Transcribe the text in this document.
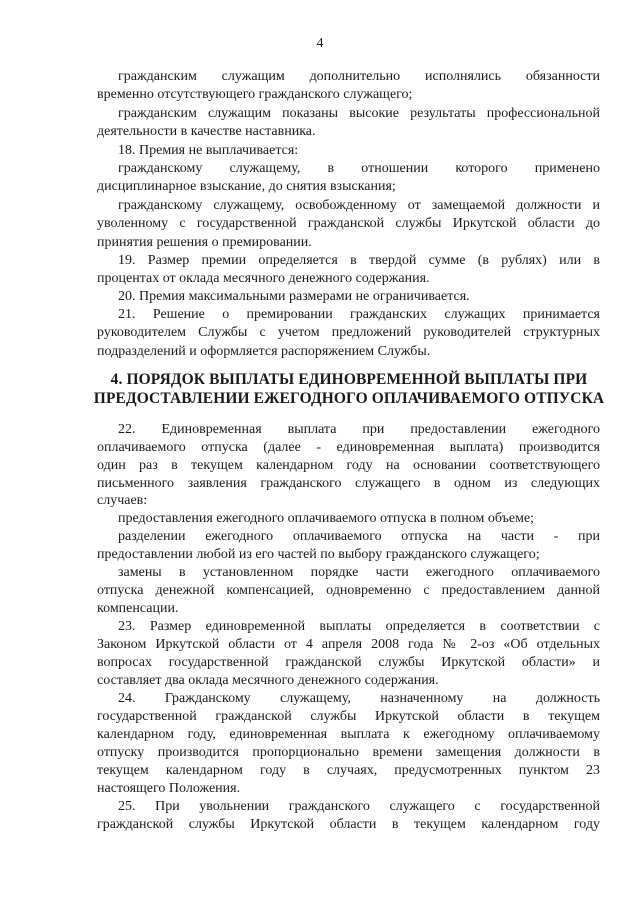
4
гражданским служащим дополнительно исполнялись обязанности
временно отсутствующего гражданского служащего;
гражданским служащим показаны высокие результаты профессиональной
деятельности в качестве наставника.
18. Премия не выплачивается:
гражданскому служащему, в отношении которого применено
дисциплинарное взыскание, до снятия взыскания;
гражданскому служащему, освобожденному от замещаемой должности и
уволенному с государственной гражданской службы Иркутской области до
принятия решения о премировании.
19. Размер премии определяется в твердой сумме (в рублях) или в
процентах от оклада месячного денежного содержания.
20. Премия максимальными размерами не ограничивается.
21. Решение о премировании гражданских служащих принимается
руководителем Службы с учетом предложений руководителей структурных
подразделений и оформляется распоряжением Службы.
4. ПОРЯДОК ВЫПЛАТЫ ЕДИНОВРЕМЕННОЙ ВЫПЛАТЫ ПРИ
ПРЕДОСТАВЛЕНИИ ЕЖЕГОДНОГО ОПЛАЧИВАЕМОГО ОТПУСКА
22. Единовременная выплата при предоставлении ежегодного
оплачиваемого отпуска (далее - единовременная выплата) производится
один раз в текущем календарном году на основании соответствующего
письменного заявления гражданского служащего в одном из следующих
случаев:
предоставления ежегодного оплачиваемого отпуска в полном объеме;
разделении ежегодного оплачиваемого отпуска на части - при
предоставлении любой из его частей по выбору гражданского служащего;
замены в установленном порядке части ежегодного оплачиваемого
отпуска денежной компенсацией, одновременно с предоставлением данной
компенсации.
23. Размер единовременной выплаты определяется в соответствии с
Законом Иркутской области от 4 апреля 2008 года № 2-оз «Об отдельных
вопросах государственной гражданской службы Иркутской области» и
составляет два оклада месячного денежного содержания.
24. Гражданскому служащему, назначенному на должность
государственной гражданской службы Иркутской области в текущем
календарном году, единовременная выплата к ежегодному оплачиваемому
отпуску производится пропорционально времени замещения должности в
текущем календарном году в случаях, предусмотренных пунктом 23
настоящего Положения.
25. При увольнении гражданского служащего с государственной
гражданской службы Иркутской области в текущем календарном году
